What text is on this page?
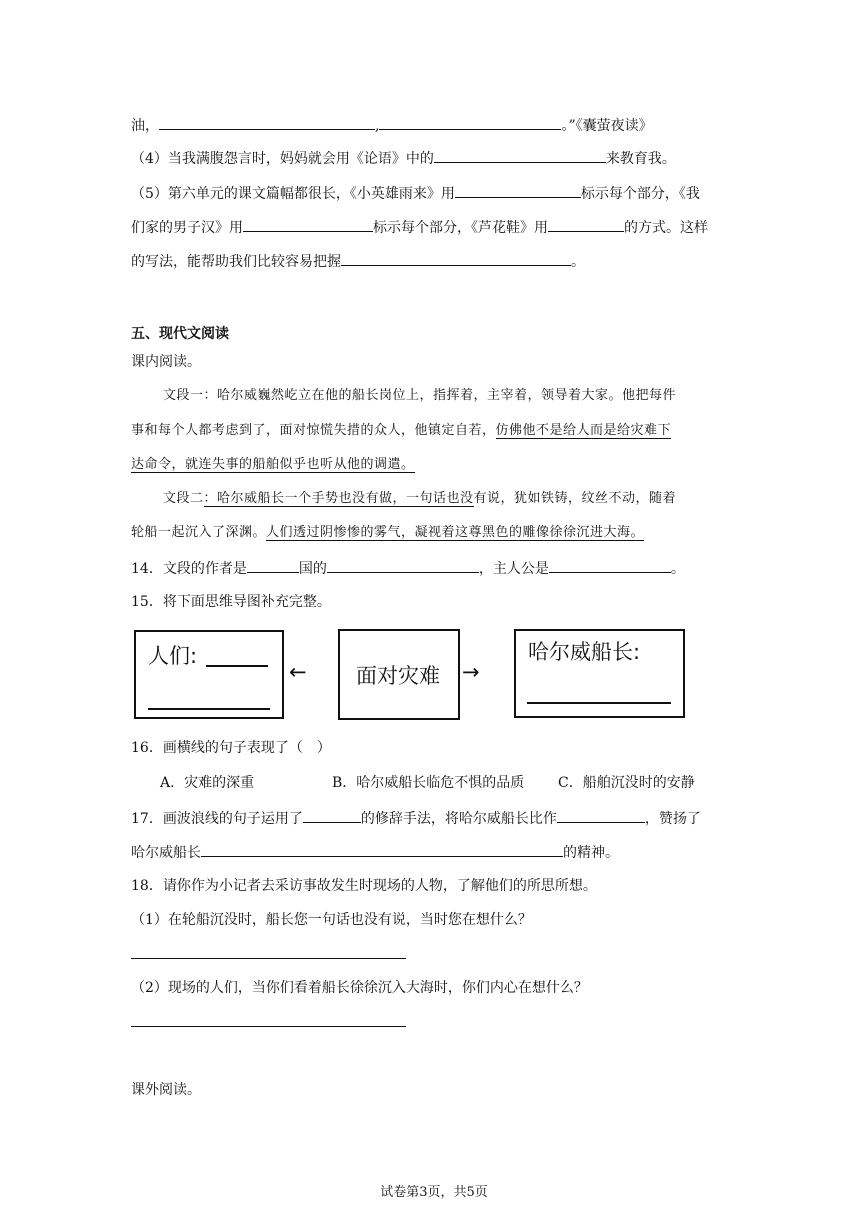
油，	,	。”《囊萤夜读》
（4）当我满腹怨言时，妈妈就会用《论语》中的	来教育我。
（5）第六单元的课文篇幅都很长，《小英雄雨来》用	标示每个部分，《我
们家的男子汉》用	标示每个部分，《芦花鞋》用	的方式。这样
的写法，能帮助我们比较容易把握	。
五、现代文阅读
课内阅读。
文段一：哈尔威巍然屹立在他的船长岗位上，指挥着，主宰着，领导着大家。他把每件
事和每个人都考虑到了，面对惊慌失措的众人，他镇定自若，仿佛他不是给人而是给灾难下
达命令，就连失事的船舶似乎也听从他的调遣。
文段二：哈尔威船长一个手势也没有做，一句话也没有说，犹如铁铸，纹丝不动，随着
轮船一起沉入了深渊。人们透过阴惨惨的雾气，凝视着这尊黑色的雕像徐徐沉进大海。
14．文段的作者是	国的	，主人公是	。
15．将下面思维导图补充完整。
人们:
← 面对灾难 →
哈尔威船长:
16．画横线的句子表现了（　）
A．灾难的深重	B．哈尔威船长临危不惧的品质 C．船舶沉没时的安静
17．画波浪线的句子运用了	的修辞手法，将哈尔威船长比作	，赞扬了
哈尔威船长	的精神。
18．请你作为小记者去采访事故发生时现场的人物，了解他们的所思所想。
（1）在轮船沉没时，船长您一句话也没有说，当时您在想什么？
（2）现场的人们，当你们看着船长徐徐沉入大海时，你们内心在想什么？
课外阅读。
试卷第3页，共5页
